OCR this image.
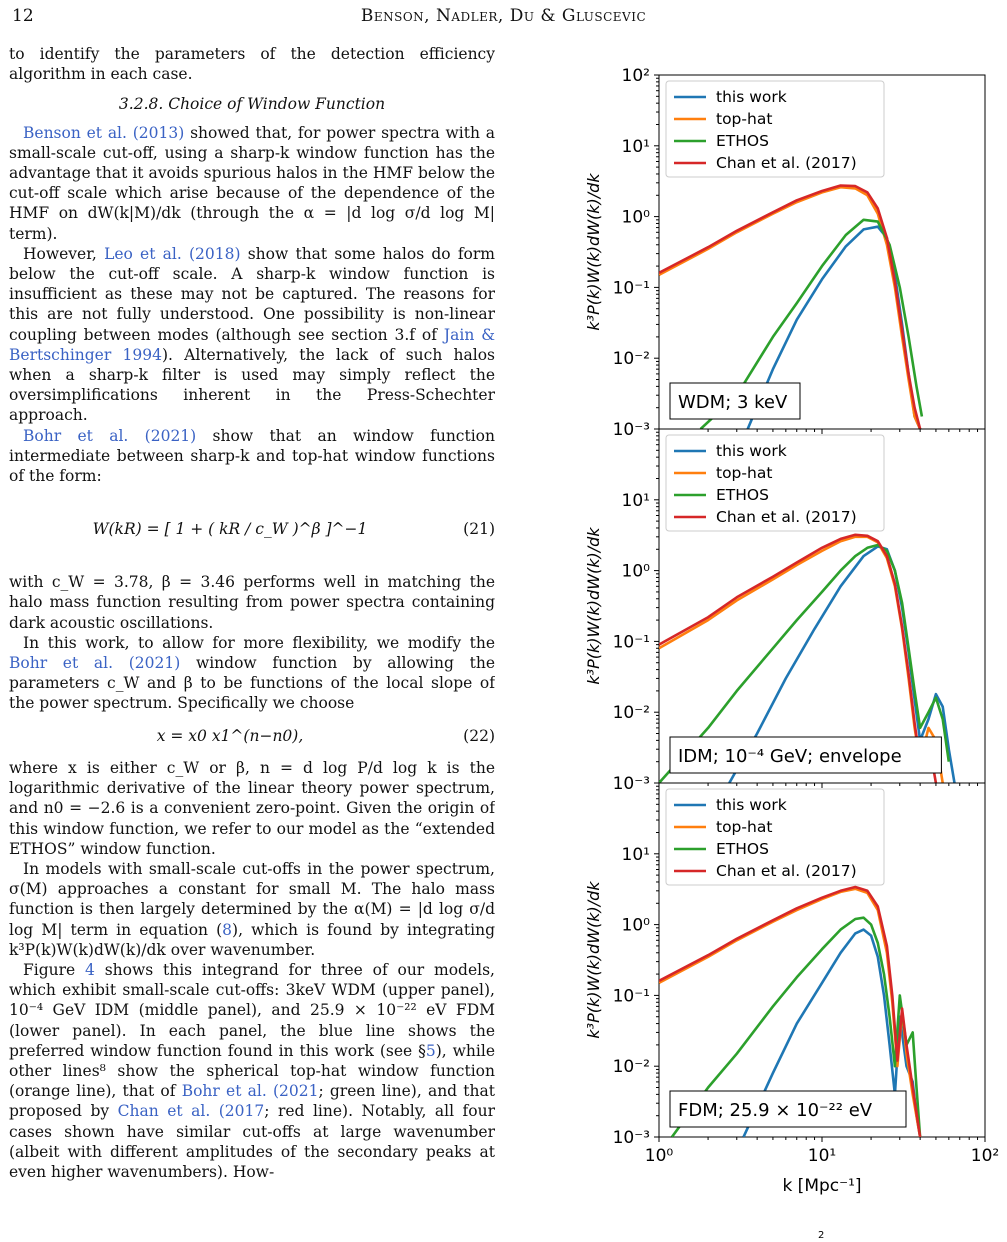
12	Benson, Nadler, Du & Gluscevic

to identify the parameters of the detection efficiency algorithm in each case.

3.2.8. Choice of Window Function

Benson et al. (2013) showed that, for power spectra with a small-scale cut-off, using a sharp-k window function has the advantage that it avoids spurious halos in the HMF below the cut-off scale which arise because of the dependence of the HMF on dW(k|M)/dk (through the α = |d log σ/d log M| term).

However, Leo et al. (2018) show that some halos do form below the cut-off scale. A sharp-k window function is insufficient as these may not be captured. The reasons for this are not fully understood. One possibility is non-linear coupling between modes (although see section 3.f of Jain & Bertschinger 1994). Alternatively, the lack of such halos when a sharp-k filter is used may simply reflect the oversimplifications inherent in the Press-Schechter approach.

Bohr et al. (2021) show that an window function intermediate between sharp-k and top-hat window functions of the form:

W(kR) = [ 1 + ( kR / c_W )^β ]^−1	(21)

with c_W = 3.78, β = 3.46 performs well in matching the halo mass function resulting from power spectra containing dark acoustic oscillations.

In this work, to allow for more flexibility, we modify the Bohr et al. (2021) window function by allowing the parameters c_W and β to be functions of the local slope of the power spectrum. Specifically we choose

x = x0 x1^(n−n0),	(22)

where x is either c_W or β, n = d log P/d log k is the logarithmic derivative of the linear theory power spectrum, and n0 = −2.6 is a convenient zero-point. Given the origin of this window function, we refer to our model as the “extended ETHOS” window function.

In models with small-scale cut-offs in the power spectrum, σ(M) approaches a constant for small M. The halo mass function is then largely determined by the α(M) = |d log σ/d log M| term in equation (8), which is found by integrating k³P(k)W(k)dW(k)/dk over wavenumber.

Figure 4 shows this integrand for three of our models, which exhibit small-scale cut-offs: 3keV WDM (upper panel), 10⁻⁴ GeV IDM (middle panel), and 25.9 × 10⁻²² eV FDM (lower panel). In each panel, the blue line shows the preferred window function found in this work (see §5), while other lines⁸ show the spherical top-hat window function (orange line), that of Bohr et al. (2021; green line), and that proposed by Chan et al. (2017; red line). Notably, all four cases shown have similar cut-offs at large wavenumber (albeit with different amplitudes of the secondary peaks at even higher wavenumbers). How-

10⁻³
10⁻²
10⁻¹
10⁰
10¹
10²
k³P(k)W(k)dW(k)/dk
this work
top-hat
ETHOS
Chan et al. (2017)
WDM; 3 keV
10⁻³
10⁻²
10⁻¹
10⁰
10¹
k³P(k)W(k)dW(k)/dk
this work
top-hat
ETHOS
Chan et al. (2017)
IDM; 10⁻⁴ GeV; envelope
10⁻³
10⁻²
10⁻¹
10⁰
10¹
10⁰	10¹	10²
k³P(k)W(k)dW(k)/dk
this work
top-hat
ETHOS
Chan et al. (2017)
FDM; 25.9 × 10⁻²² eV
k [Mpc⁻¹]
2
